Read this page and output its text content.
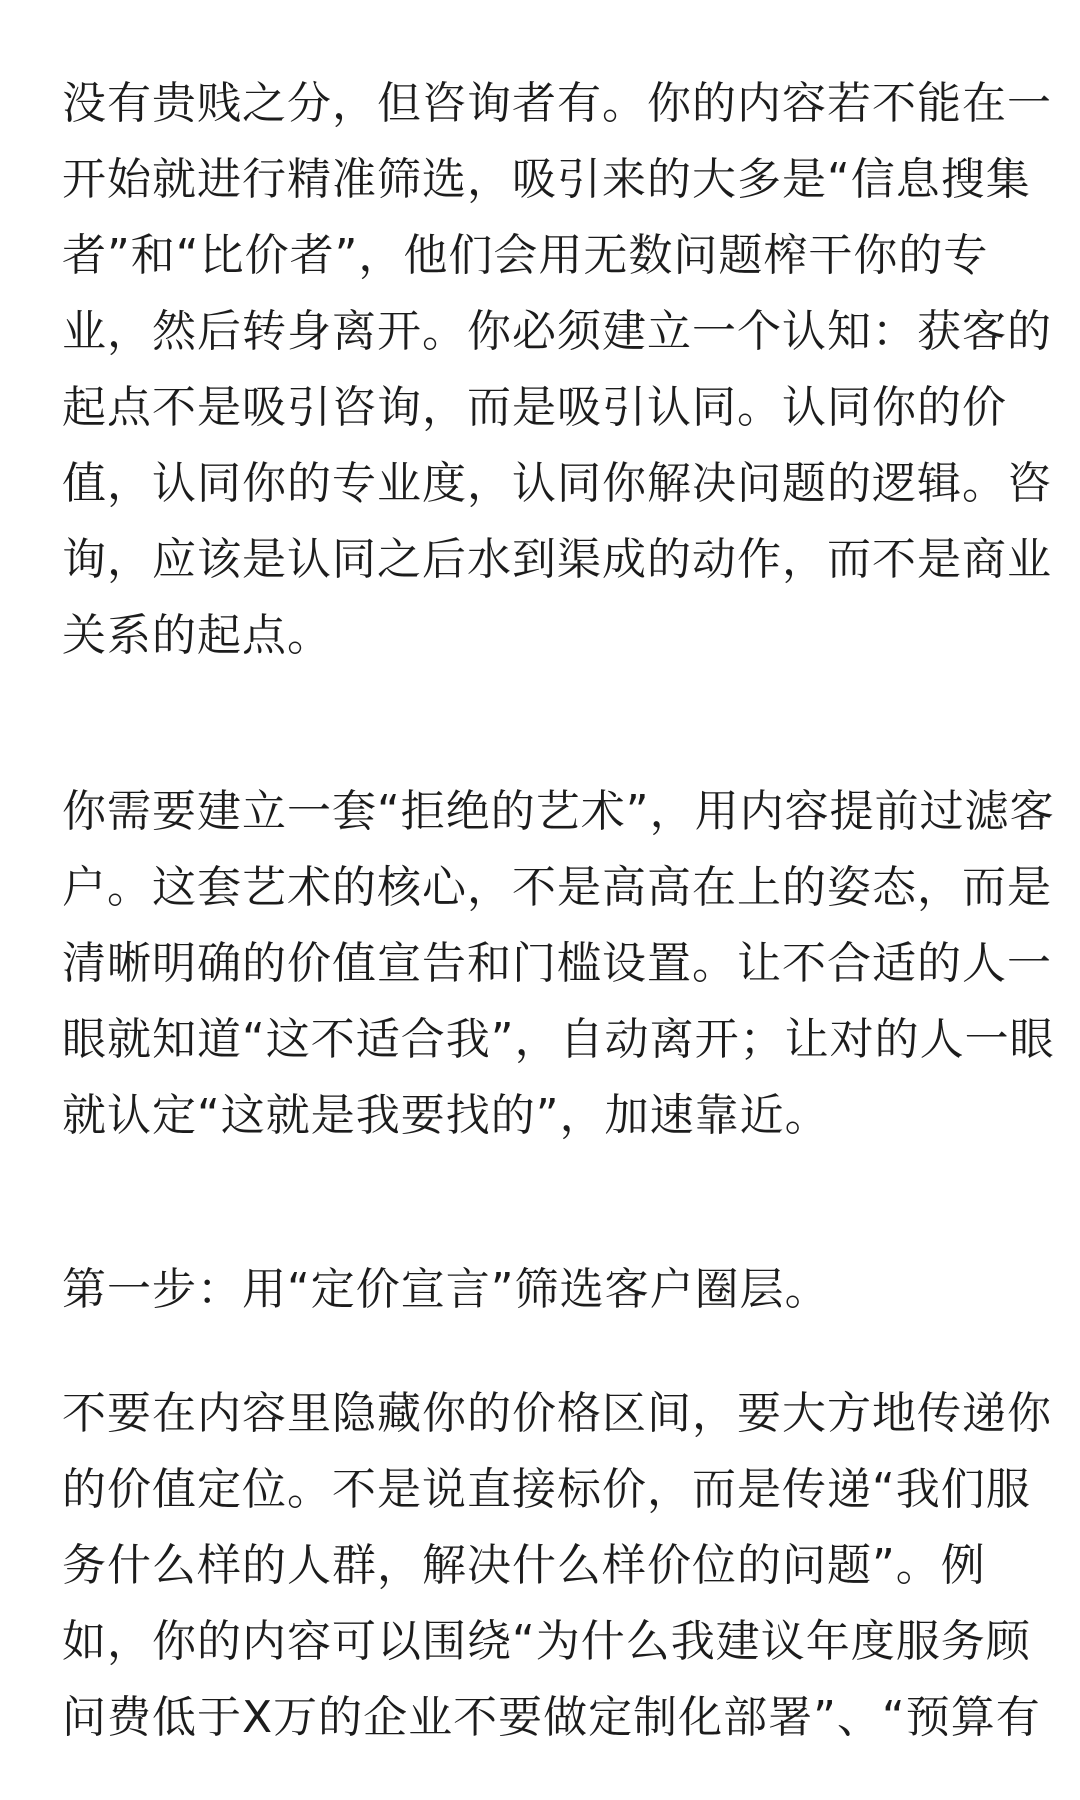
没有贵贱之分，但咨询者有。你的内容若不能在一
开始就进行精准筛选，吸引来的大多是“信息搜集
者”和“比价者”，他们会用无数问题榨干你的专
业，然后转身离开。你必须建立一个认知：获客的
起点不是吸引咨询，而是吸引认同。认同你的价
值，认同你的专业度，认同你解决问题的逻辑。咨
询，应该是认同之后水到渠成的动作，而不是商业
关系的起点。
你需要建立一套“拒绝的艺术”，用内容提前过滤客
户。这套艺术的核心，不是高高在上的姿态，而是
清晰明确的价值宣告和门槛设置。让不合适的人一
眼就知道“这不适合我”，自动离开；让对的人一眼
就认定“这就是我要找的”，加速靠近。
第一步：用“定价宣言”筛选客户圈层。
不要在内容里隐藏你的价格区间，要大方地传递你
的价值定位。不是说直接标价，而是传递“我们服
务什么样的人群，解决什么样价位的问题”。例
如，你的内容可以围绕“为什么我建议年度服务顾
问费低于X万的企业不要做定制化部署”、“预算有
